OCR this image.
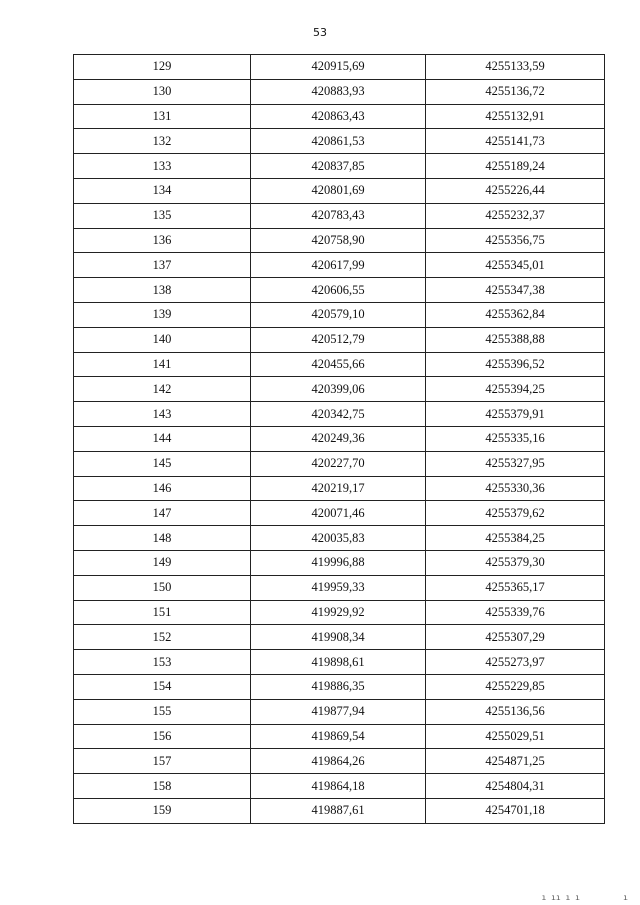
53
129	420915,69	4255133,59
130	420883,93	4255136,72
131	420863,43	4255132,91
132	420861,53	4255141,73
133	420837,85	4255189,24
134	420801,69	4255226,44
135	420783,43	4255232,37
136	420758,90	4255356,75
137	420617,99	4255345,01
138	420606,55	4255347,38
139	420579,10	4255362,84
140	420512,79	4255388,88
141	420455,66	4255396,52
142	420399,06	4255394,25
143	420342,75	4255379,91
144	420249,36	4255335,16
145	420227,70	4255327,95
146	420219,17	4255330,36
147	420071,46	4255379,62
148	420035,83	4255384,25
149	419996,88	4255379,30
150	419959,33	4255365,17
151	419929,92	4255339,76
152	419908,34	4255307,29
153	419898,61	4255273,97
154	419886,35	4255229,85
155	419877,94	4255136,56
156	419869,54	4255029,51
157	419864,26	4254871,25
158	419864,18	4254804,31
159	419887,61	4254701,18
ı ıı ı ı	ı
